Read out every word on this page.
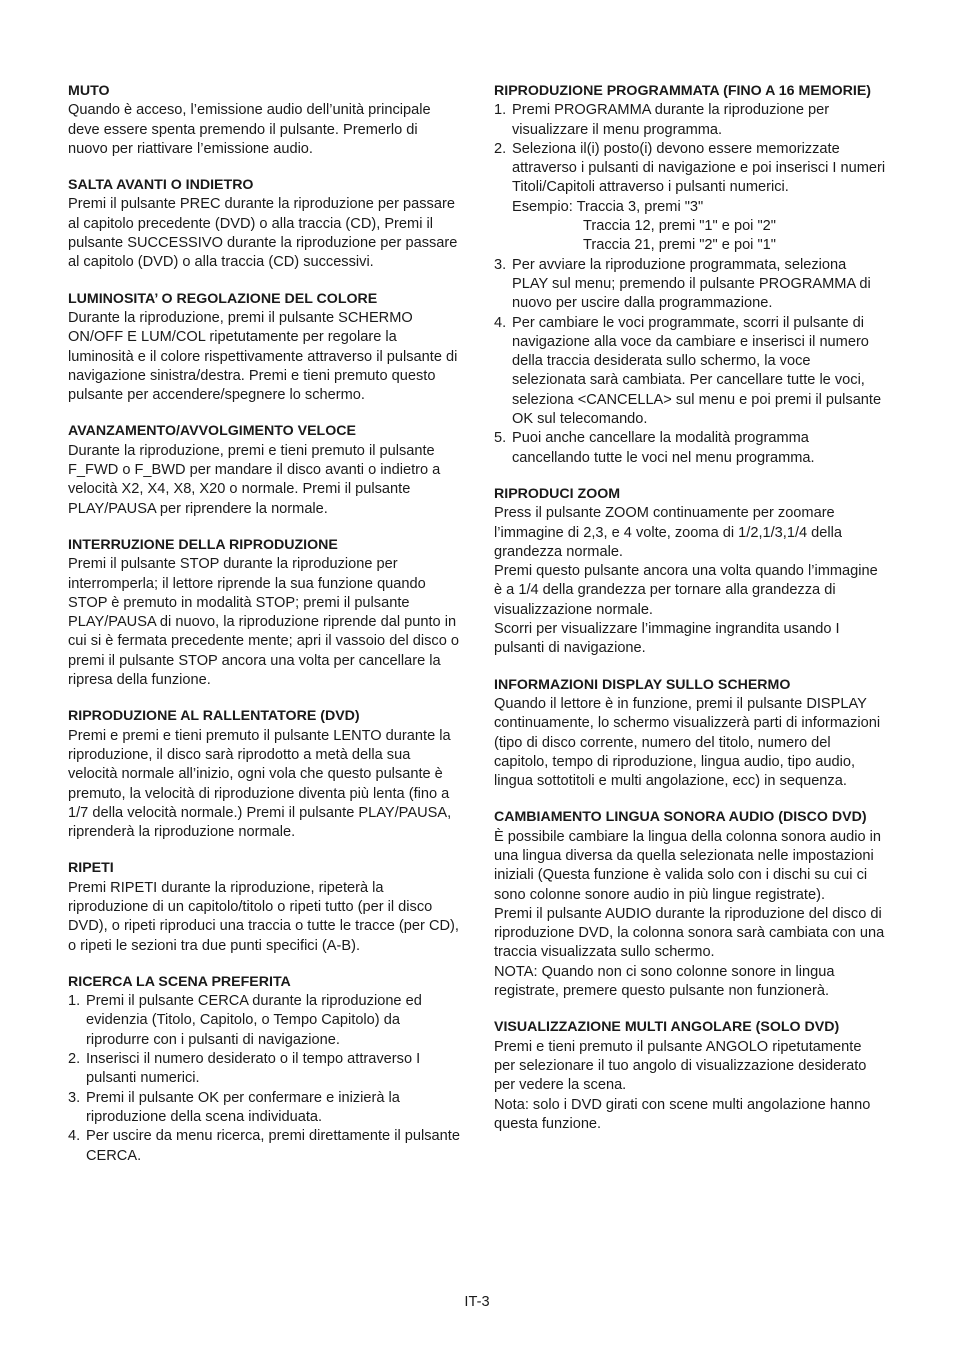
MUTO

Quando è acceso, l’emissione audio dell’unità principale deve essere spenta premendo il pulsante. Premerlo di nuovo per riattivare l’emissione audio.

SALTA AVANTI O INDIETRO

Premi il pulsante PREC durante la riproduzione per passare al capitolo precedente (DVD) o alla traccia (CD), Premi il pulsante SUCCESSIVO durante la riproduzione per passare al capitolo (DVD) o alla traccia (CD) successivi.

LUMINOSITA’ O REGOLAZIONE DEL COLORE

Durante la riproduzione, premi il pulsante SCHERMO ON/OFF E LUM/COL ripetutamente per regolare la luminosità e il colore rispettivamente attraverso il pulsante di navigazione sinistra/destra. Premi e tieni premuto questo pulsante per accendere/spegnere lo schermo.

AVANZAMENTO/AVVOLGIMENTO VELOCE

Durante la riproduzione, premi e tieni premuto il pulsante F_FWD o F_BWD per mandare il disco avanti o indietro a velocità X2, X4, X8, X20 o normale. Premi il pulsante PLAY/PAUSA per riprendere la normale.

INTERRUZIONE DELLA RIPRODUZIONE

Premi il pulsante STOP durante la riproduzione per interromperla; il lettore riprende la sua funzione quando STOP è premuto in modalità STOP; premi il pulsante PLAY/PAUSA di nuovo, la riproduzione riprende dal punto in cui si è fermata precedente mente; apri il vassoio del disco o premi il pulsante STOP ancora una volta per cancellare la ripresa della funzione.

RIPRODUZIONE AL RALLENTATORE (DVD)

Premi e premi e tieni premuto il pulsante LENTO durante la riproduzione, il disco sarà riprodotto a metà della sua velocità normale all’inizio, ogni vola che questo pulsante è premuto, la velocità di riproduzione diventa più lenta (fino a 1/7 della velocità normale.) Premi il pulsante PLAY/PAUSA, riprenderà la riproduzione normale.

RIPETI

Premi RIPETI durante la riproduzione, ripeterà la riproduzione di un capitolo/titolo o ripeti tutto (per il disco DVD), o ripeti riproduci una traccia o tutte le tracce (per CD), o ripeti le sezioni tra due punti specifici (A-B).

RICERCA LA SCENA PREFERITA
1. Premi il pulsante CERCA durante la riproduzione ed evidenzia (Titolo, Capitolo, o Tempo Capitolo) da riprodurre con i pulsanti di navigazione.
2. Inserisci il numero desiderato o il tempo attraverso I pulsanti numerici.
3. Premi il pulsante OK per confermare e inizierà la riproduzione della scena individuata.
4. Per uscire da menu ricerca, premi direttamente il pulsante CERCA.
RIPRODUZIONE PROGRAMMATA (FINO A 16 MEMORIE)
1. Premi PROGRAMMA durante la riproduzione per visualizzare il menu programma.
2. Seleziona il(i) posto(i) devono essere memorizzate attraverso i pulsanti di navigazione e poi inserisci I numeri Titoli/Capitoli attraverso i pulsanti numerici.
Esempio: Traccia 3, premi "3"
Traccia 12, premi "1" e poi "2"
Traccia 21, premi "2" e poi "1"
3. Per avviare la riproduzione programmata, seleziona PLAY sul menu; premendo il pulsante PROGRAMMA di nuovo per uscire dalla programmazione.
4. Per cambiare le voci programmate, scorri il pulsante di navigazione alla voce da cambiare e inserisci il numero della traccia desiderata sullo schermo, la voce selezionata sarà cambiata. Per cancellare tutte le voci, seleziona <CANCELLA> sul menu e poi premi il pulsante OK sul telecomando.
5. Puoi anche cancellare la modalità programma cancellando tutte le voci nel menu programma.
RIPRODUCI ZOOM

Press il pulsante ZOOM continuamente per zoomare l’immagine di 2,3, e 4 volte, zooma di 1/2,1/3,1/4 della grandezza normale.

Premi questo pulsante ancora una volta quando l’immagine è a 1/4 della grandezza per tornare alla grandezza di visualizzazione normale.

Scorri per visualizzare l’immagine ingrandita usando I pulsanti di navigazione.

INFORMAZIONI DISPLAY SULLO SCHERMO

Quando il lettore è in funzione, premi il pulsante DISPLAY continuamente, lo schermo visualizzerà parti di informazioni (tipo di disco corrente, numero del titolo, numero del capitolo, tempo di riproduzione, lingua audio, tipo audio, lingua sottotitoli e multi angolazione, ecc) in sequenza.

CAMBIAMENTO LINGUA SONORA AUDIO (DISCO DVD)

È possibile cambiare la lingua della colonna sonora audio in una lingua diversa da quella selezionata nelle impostazioni iniziali (Questa funzione è valida solo con i dischi su cui ci sono colonne sonore audio in più lingue registrate).

Premi il pulsante AUDIO durante la riproduzione del disco di riproduzione DVD, la colonna sonora sarà cambiata con una traccia visualizzata sullo schermo.

NOTA: Quando non ci sono colonne sonore in lingua registrate, premere questo pulsante non funzionerà.

VISUALIZZAZIONE MULTI ANGOLARE (SOLO DVD)

Premi e tieni premuto il pulsante ANGOLO ripetutamente per selezionare il tuo angolo di visualizzazione desiderato per vedere la scena.

Nota: solo i DVD girati con scene multi angolazione hanno questa funzione.

IT-3
